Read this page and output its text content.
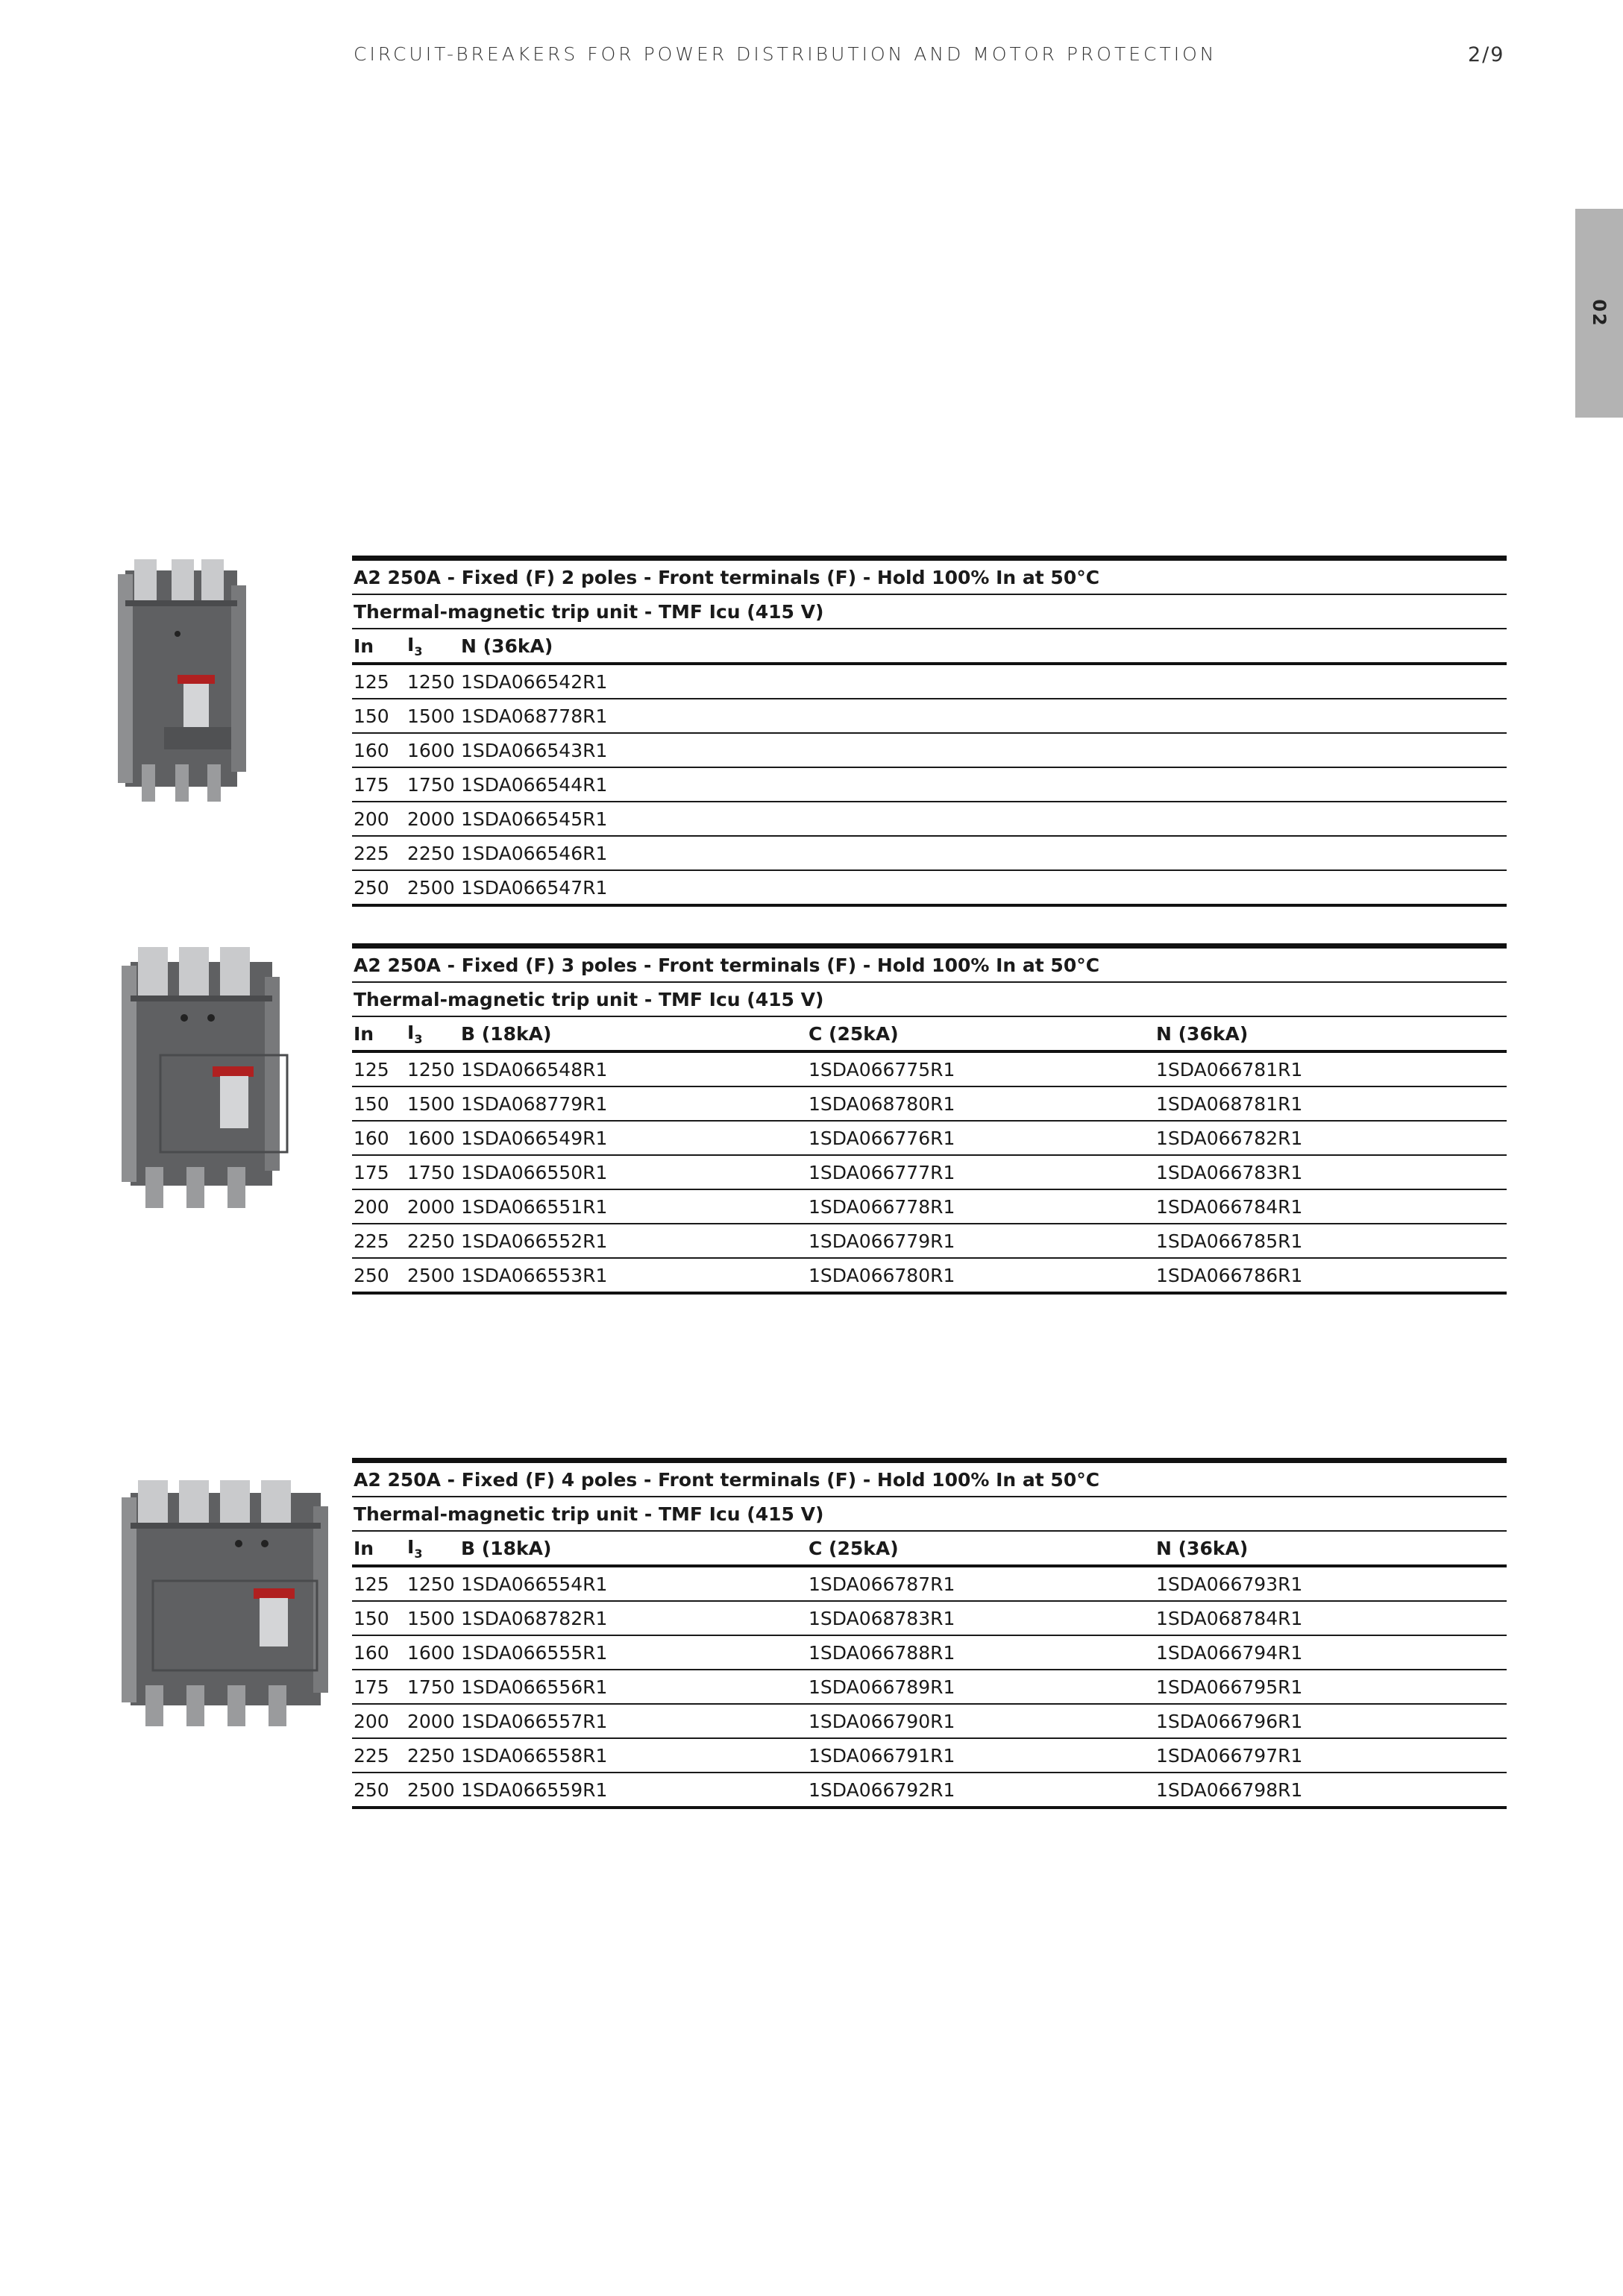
CIRCUIT-BREAKERS FOR POWER DISTRIBUTION AND MOTOR PROTECTION	2/9
02
A2 250A - Fixed (F) 2 poles - Front terminals (F) - Hold 100% In at 50°C		
Thermal-magnetic trip unit - TMF Icu (415 V)		
In	$I_3$	N (36kA)
125	1250	1SDA066542R1
150	1500	1SDA068778R1
160	1600	1SDA066543R1
175	1750	1SDA066544R1
200	2000	1SDA066545R1
225	2250	1SDA066546R1
250	2500	1SDA066547R1
A2 250A - Fixed (F) 3 poles - Front terminals (F) - Hold 100% In at 50°C				
Thermal-magnetic trip unit - TMF Icu (415 V)				
In	$I_3$	B (18kA)	C (25kA)	N (36kA)
125	1250	1SDA066548R1	1SDA066775R1	1SDA066781R1
150	1500	1SDA068779R1	1SDA068780R1	1SDA068781R1
160	1600	1SDA066549R1	1SDA066776R1	1SDA066782R1
175	1750	1SDA066550R1	1SDA066777R1	1SDA066783R1
200	2000	1SDA066551R1	1SDA066778R1	1SDA066784R1
225	2250	1SDA066552R1	1SDA066779R1	1SDA066785R1
250	2500	1SDA066553R1	1SDA066780R1	1SDA066786R1
A2 250A - Fixed (F) 4 poles - Front terminals (F) - Hold 100% In at 50°C				
Thermal-magnetic trip unit - TMF Icu (415 V)				
In	$I_3$	B (18kA)	C (25kA)	N (36kA)
125	1250	1SDA066554R1	1SDA066787R1	1SDA066793R1
150	1500	1SDA068782R1	1SDA068783R1	1SDA068784R1
160	1600	1SDA066555R1	1SDA066788R1	1SDA066794R1
175	1750	1SDA066556R1	1SDA066789R1	1SDA066795R1
200	2000	1SDA066557R1	1SDA066790R1	1SDA066796R1
225	2250	1SDA066558R1	1SDA066791R1	1SDA066797R1
250	2500	1SDA066559R1	1SDA066792R1	1SDA066798R1
